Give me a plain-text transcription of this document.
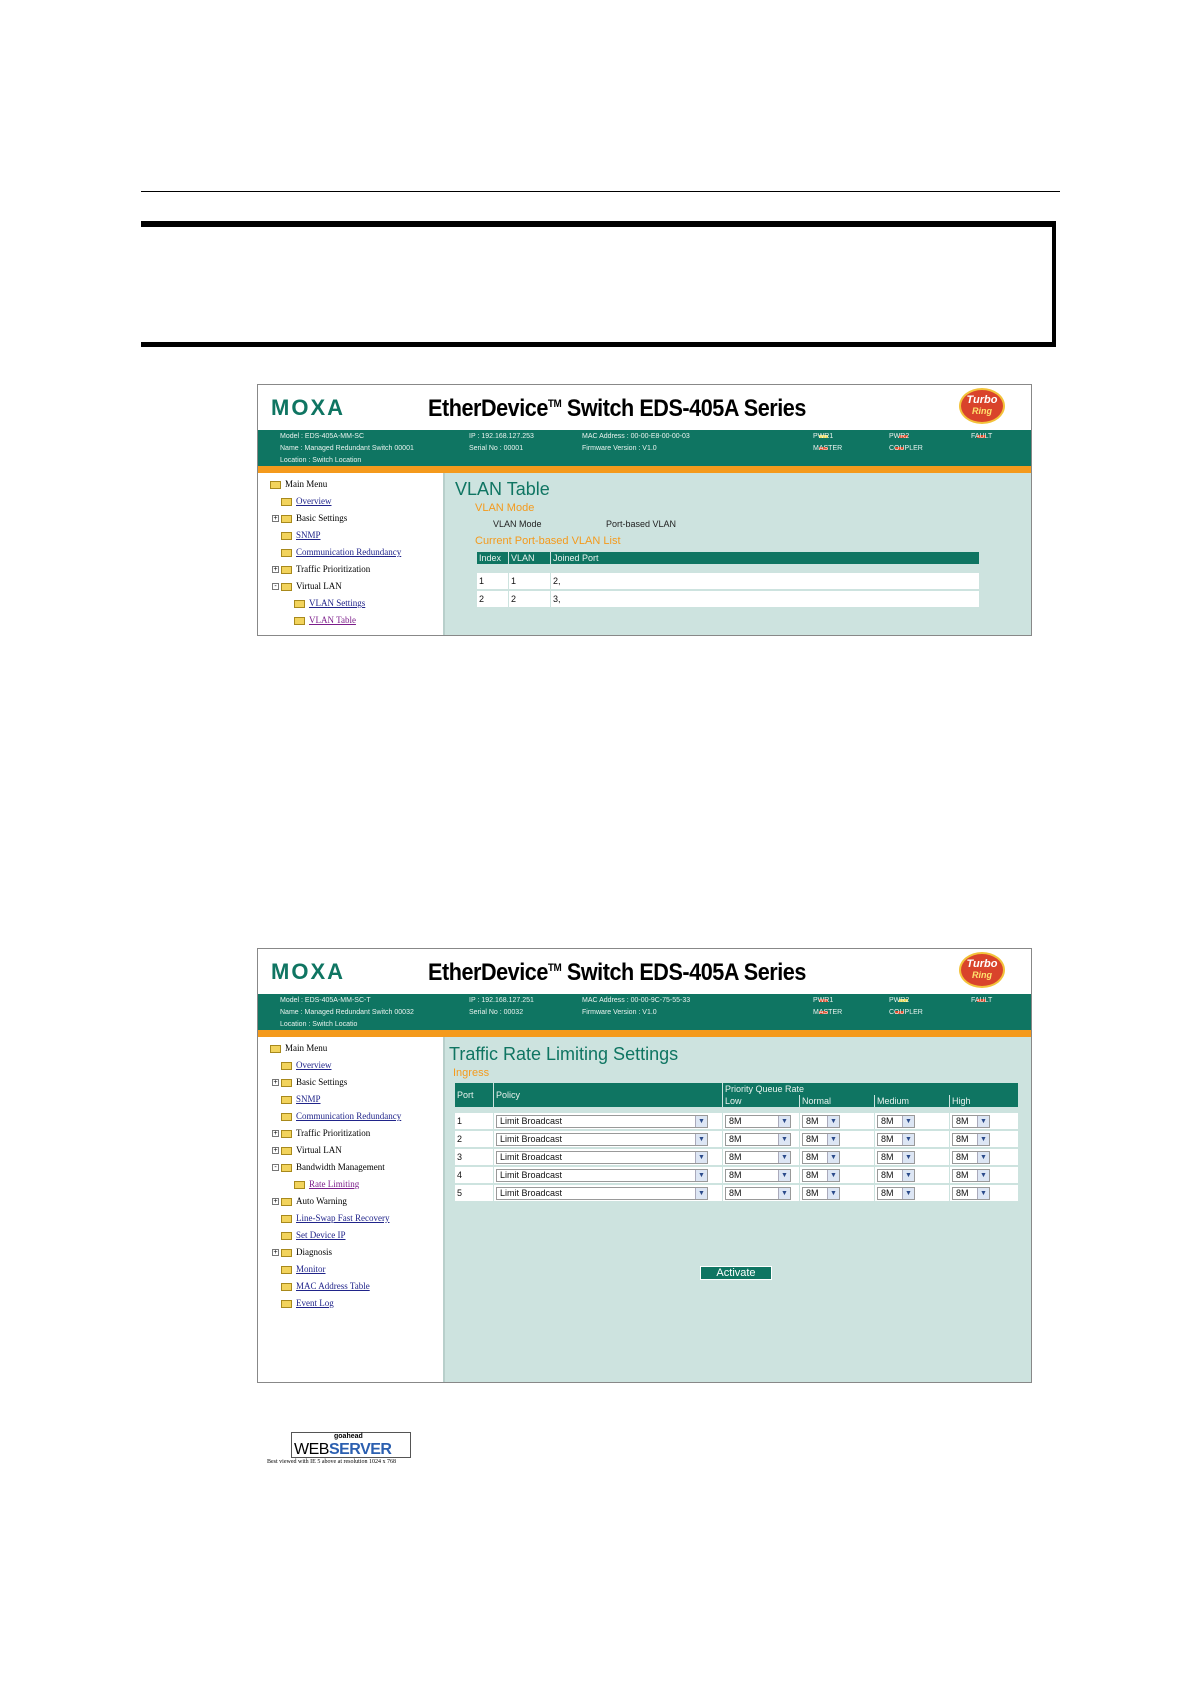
MOXA	EtherDevice™ Switch EDS-405A Series	Turbo
Ring
Model : EDS-405A-MM-SC
Name : Managed Redundant Switch 00001
Location : Switch Location
IP : 192.168.127.253
Serial No : 00001
MAC Address : 00-00-E8-00-00-03
Firmware Version : V1.0
PWR1
MASTER
PWR2
COUPLER
FAULT
Main Menu
Overview
+ Basic Settings
SNMP
Communication Redundancy
+ Traffic Prioritization
- Virtual LAN
VLAN Settings
VLAN Table
VLAN Table
VLAN Mode
VLAN Mode	Port-based VLAN
Current Port-based VLAN List
Index	VLAN	Joined Port

1	1	2,
2	2	3,
MOXA	EtherDevice™ Switch EDS-405A Series	Turbo
Ring
Model : EDS-405A-MM-SC-T
Name : Managed Redundant Switch 00032
Location : Switch Locatio
IP : 192.168.127.251
Serial No : 00032
MAC Address : 00-00-9C-75-55-33
Firmware Version : V1.0
PWR1
MASTER
PWR2
COUPLER
FAULT
Main Menu
Overview
+ Basic Settings
SNMP
Communication Redundancy
+ Traffic Prioritization
+ Virtual LAN
- Bandwidth Management
Rate Limiting
+ Auto Warning
Line-Swap Fast Recovery
Set Device IP
+ Diagnosis
Monitor
MAC Address Table
Event Log
goahead
WEBSERVER
Best viewed with IE 5 above at resolution 1024 x 768
Traffic Rate Limiting Settings
Ingress
Port	Policy	Priority Queue Rate			
		Low	Normal	Medium	High

1	Limit Broadcast ▼	8M ▼	8M ▼	8M ▼	8M ▼

2	Limit Broadcast ▼	8M ▼	8M ▼	8M ▼	8M ▼

3	Limit Broadcast ▼	8M ▼	8M ▼	8M ▼	8M ▼

4	Limit Broadcast ▼	8M ▼	8M ▼	8M ▼	8M ▼

5	Limit Broadcast ▼	8M ▼	8M ▼	8M ▼	8M ▼
Activate
